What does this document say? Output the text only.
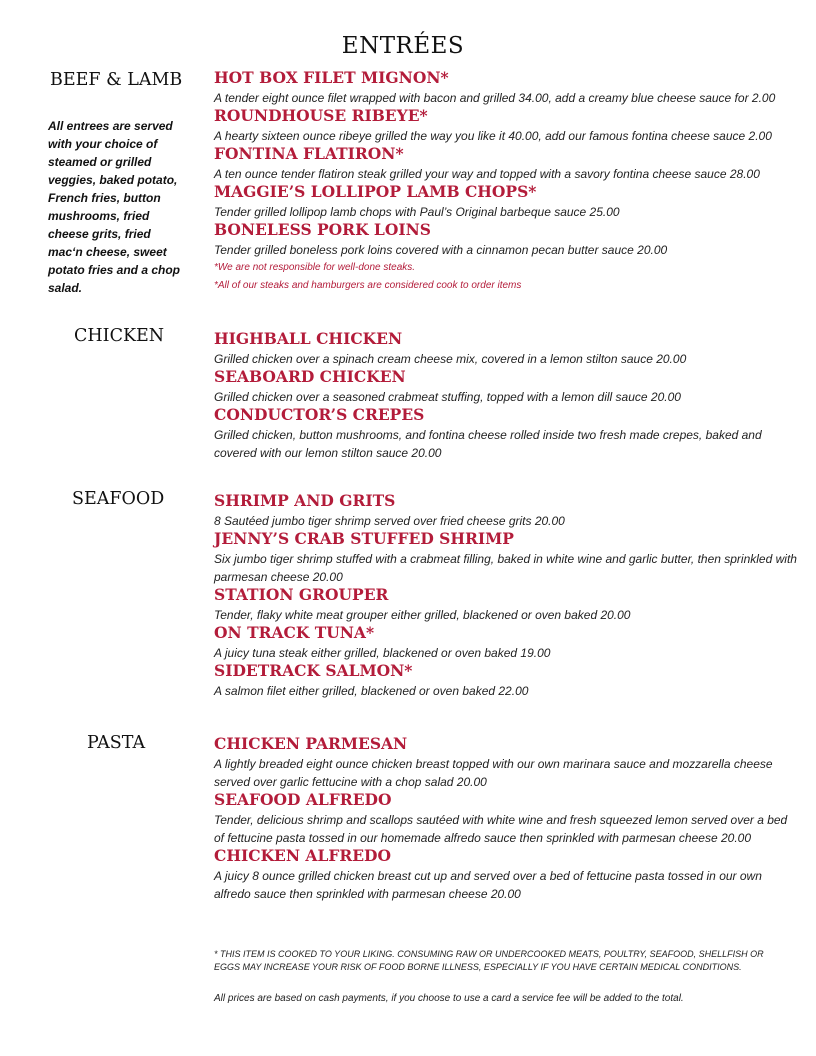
ENTRÉES
BEEF & LAMB
All entrees are served with your choice of steamed or grilled veggies, baked potato, French fries, button mushrooms, fried cheese grits, fried mac‘n cheese, sweet potato fries and a chop salad.
HOT BOX FILET MIGNON*
A tender eight ounce filet wrapped with bacon and grilled 34.00, add a creamy blue cheese sauce for 2.00
ROUNDHOUSE RIBEYE*
A hearty sixteen ounce ribeye grilled the way you like it 40.00, add our famous fontina cheese sauce 2.00
FONTINA FLATIRON*
A ten ounce tender flatiron steak grilled your way and topped with a savory fontina cheese sauce 28.00
MAGGIE’S LOLLIPOP LAMB CHOPS*
Tender grilled lollipop lamb chops with Paul’s Original barbeque sauce 25.00
BONELESS PORK LOINS
Tender grilled boneless pork loins covered with a cinnamon pecan butter sauce 20.00
*We are not responsible for well-done steaks.
*All of our steaks and hamburgers are considered cook to order items
CHICKEN	HIGHBALL CHICKEN
Grilled chicken over a spinach cream cheese mix, covered in a lemon stilton sauce 20.00
SEABOARD CHICKEN
Grilled chicken over a seasoned crabmeat stuffing, topped with a lemon dill sauce 20.00
CONDUCTOR’S CREPES
Grilled chicken, button mushrooms, and fontina cheese rolled inside two fresh made crepes, baked and covered with our lemon stilton sauce 20.00
SEAFOOD	SHRIMP AND GRITS
8 Sautéed jumbo tiger shrimp served over fried cheese grits 20.00
JENNY’S CRAB STUFFED SHRIMP
Six jumbo tiger shrimp stuffed with a crabmeat filling, baked in white wine and garlic butter, then sprinkled with parmesan cheese 20.00
STATION GROUPER
Tender, flaky white meat grouper either grilled, blackened or oven baked 20.00
ON TRACK TUNA*
A juicy tuna steak either grilled, blackened or oven baked 19.00
SIDETRACK SALMON*
A salmon filet either grilled, blackened or oven baked 22.00
PASTA	CHICKEN PARMESAN
A lightly breaded eight ounce chicken breast topped with our own marinara sauce and mozzarella cheese served over garlic fettucine with a chop salad 20.00
SEAFOOD ALFREDO
Tender, delicious shrimp and scallops sautéed with white wine and fresh squeezed lemon served over a bed of fettucine pasta tossed in our homemade alfredo sauce then sprinkled with parmesan cheese 20.00
CHICKEN ALFREDO
A juicy 8 ounce grilled chicken breast cut up and served over a bed of fettucine pasta tossed in our own alfredo sauce then sprinkled with parmesan cheese 20.00
* THIS ITEM IS COOKED TO YOUR LIKING. CONSUMING RAW OR UNDERCOOKED MEATS, POULTRY, SEAFOOD, SHELLFISH OR EGGS MAY INCREASE YOUR RISK OF FOOD BORNE ILLNESS, ESPECIALLY IF YOU HAVE CERTAIN MEDICAL CONDITIONS.
All prices are based on cash payments, if you choose to use a card a service fee will be added to the total.
